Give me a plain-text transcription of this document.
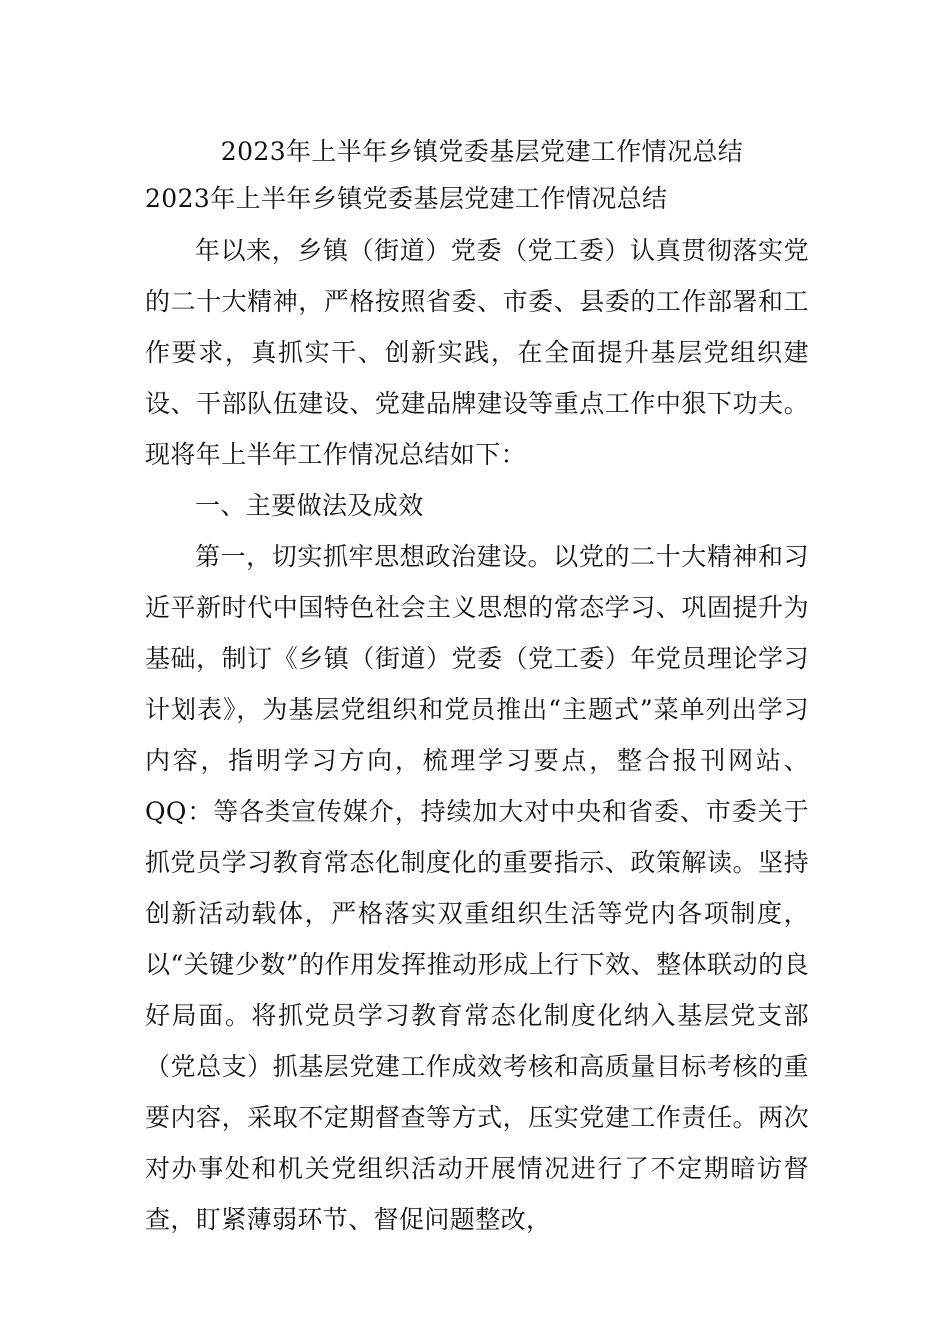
2023年上半年乡镇党委基层党建工作情况总结
2023年上半年乡镇党委基层党建工作情况总结

年以来，乡镇（街道）党委（党工委）认真贯彻落实党的二十大精神，严格按照省委、市委、县委的工作部署和工作要求，真抓实干、创新实践，在全面提升基层党组织建设、干部队伍建设、党建品牌建设等重点工作中狠下功夫。现将年上半年工作情况总结如下：

一、主要做法及成效

第一，切实抓牢思想政治建设。以党的二十大精神和习近平新时代中国特色社会主义思想的常态学习、巩固提升为基础，制订《乡镇（街道）党委（党工委）年党员理论学习计划表》，为基层党组织和党员推出“主题式”菜单列出学习内容，指明学习方向，梳理学习要点，整合报刊网站、QQ：等各类宣传媒介，持续加大对中央和省委、市委关于抓党员学习教育常态化制度化的重要指示、政策解读。坚持创新活动载体，严格落实双重组织生活等党内各项制度，以“关键少数”的作用发挥推动形成上行下效、整体联动的良好局面。将抓党员学习教育常态化制度化纳入基层党支部（党总支）抓基层党建工作成效考核和高质量目标考核的重要内容，采取不定期督查等方式，压实党建工作责任。两次对办事处和机关党组织活动开展情况进行了不定期暗访督查，盯紧薄弱环节、督促问题整改，
